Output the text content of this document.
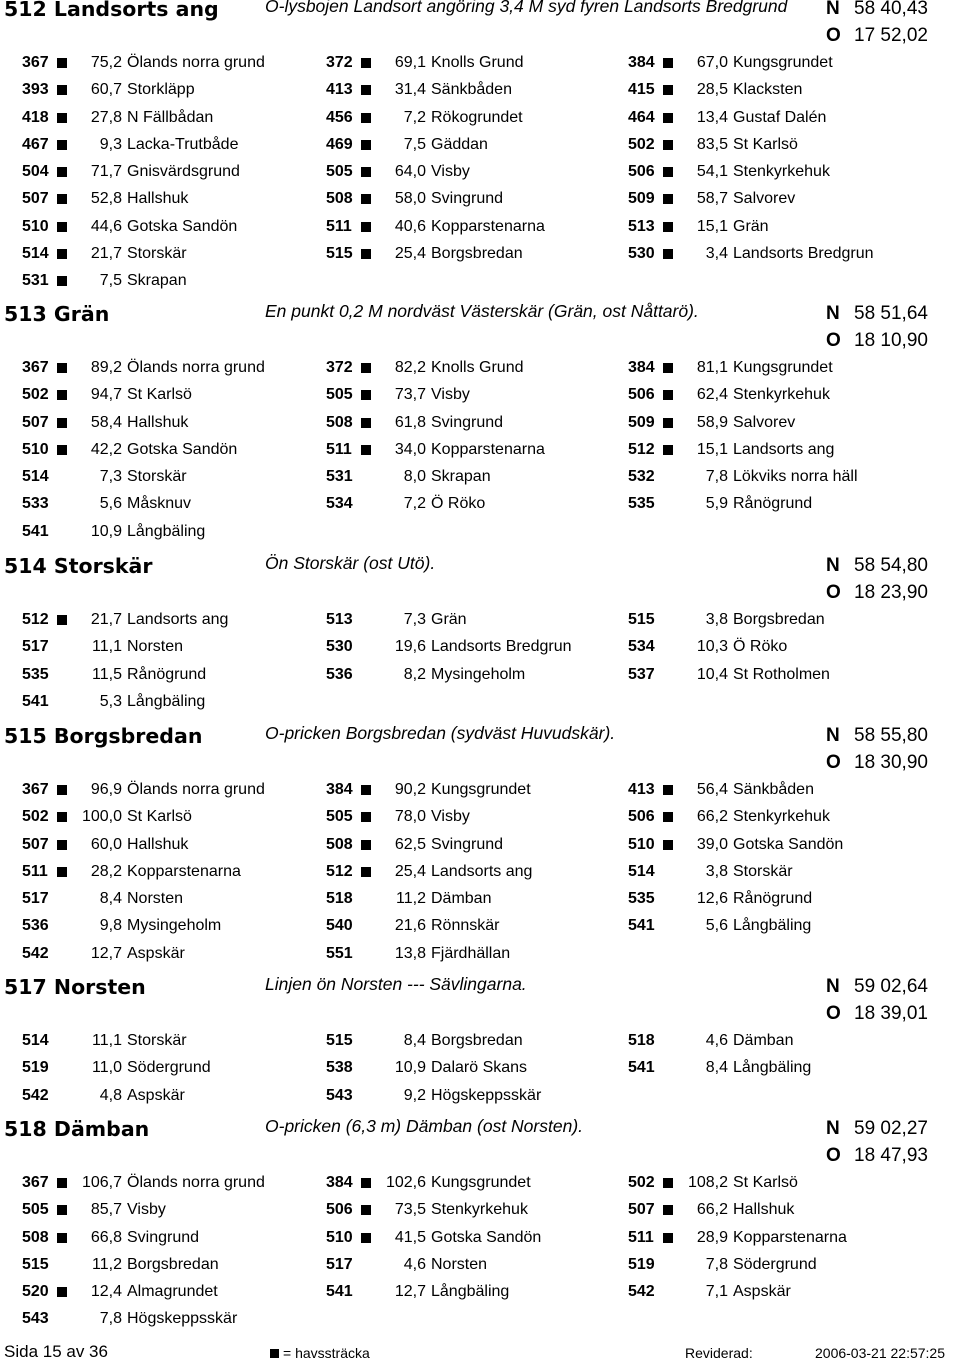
512 Landsorts ang	O-lysbojen Landsort angöring 3,4 M syd fyren Landsorts Bredgrund	N 58 40,43
O 17 52,02
367	75,2 Ölands norra grund	372	69,1 Knolls Grund	384	67,0 Kungsgrundet
393	60,7 Storkläpp	413	31,4 Sänkbåden	415	28,5 Klacksten
418	27,8 N Fällbådan	456	7,2 Rökogrundet	464	13,4 Gustaf Dalén
467	9,3 Lacka-Trutbåde	469	7,5 Gäddan	502	83,5 St Karlsö
504	71,7 Gnisvärdsgrund	505	64,0 Visby	506	54,1 Stenkyrkehuk
507	52,8 Hallshuk	508	58,0 Svingrund	509	58,7 Salvorev
510	44,6 Gotska Sandön	511	40,6 Kopparstenarna	513	15,1 Grän
514	21,7 Storskär	515	25,4 Borgsbredan	530	3,4 Landsorts Bredgrun
531	7,5 Skrapan
513 Grän	En punkt 0,2 M nordväst Västerskär (Grän, ost Nåttarö).	N 58 51,64
O 18 10,90
367	89,2 Ölands norra grund	372	82,2 Knolls Grund	384	81,1 Kungsgrundet
502	94,7 St Karlsö	505	73,7 Visby	506	62,4 Stenkyrkehuk
507	58,4 Hallshuk	508	61,8 Svingrund	509	58,9 Salvorev
510	42,2 Gotska Sandön	511	34,0 Kopparstenarna	512	15,1 Landsorts ang
514	7,3 Storskär	531	8,0 Skrapan	532	7,8 Lökviks norra häll
533	5,6 Måsknuv	534	7,2 Ö Röko	535	5,9 Rånögrund
541	10,9 Långbäling
514 Storskär	Ön Storskär (ost Utö).	N 58 54,80
O 18 23,90
512	21,7 Landsorts ang	513	7,3 Grän	515	3,8 Borgsbredan
517	11,1 Norsten	530	19,6 Landsorts Bredgrun	534	10,3 Ö Röko
535	11,5 Rånögrund	536	8,2 Mysingeholm	537	10,4 St Rotholmen
541	5,3 Långbäling
515 Borgsbredan	O-pricken Borgsbredan (sydväst Huvudskär).	N 58 55,80
O 18 30,90
367	96,9 Ölands norra grund	384	90,2 Kungsgrundet	413	56,4 Sänkbåden
502	100,0 St Karlsö	505	78,0 Visby	506	66,2 Stenkyrkehuk
507	60,0 Hallshuk	508	62,5 Svingrund	510	39,0 Gotska Sandön
511	28,2 Kopparstenarna	512	25,4 Landsorts ang	514	3,8 Storskär
517	8,4 Norsten	518	11,2 Dämban	535	12,6 Rånögrund
536	9,8 Mysingeholm	540	21,6 Rönnskär	541	5,6 Långbäling
542	12,7 Aspskär	551	13,8 Fjärdhällan
517 Norsten	Linjen ön Norsten --- Sävlingarna.	N 59 02,64
O 18 39,01
514	11,1 Storskär	515	8,4 Borgsbredan	518	4,6 Dämban
519	11,0 Södergrund	538	10,9 Dalarö Skans	541	8,4 Långbäling
542	4,8 Aspskär	543	9,2 Högskeppsskär
518 Dämban	O-pricken (6,3 m) Dämban (ost Norsten).	N 59 02,27
O 18 47,93
367	106,7 Ölands norra grund	384	102,6 Kungsgrundet	502	108,2 St Karlsö
505	85,7 Visby	506	73,5 Stenkyrkehuk	507	66,2 Hallshuk
508	66,8 Svingrund	510	41,5 Gotska Sandön	511	28,9 Kopparstenarna
515	11,2 Borgsbredan	517	4,6 Norsten	519	7,8 Södergrund
520	12,4 Almagrundet	541	12,7 Långbäling	542	7,1 Aspskär
543	7,8 Högskeppsskär
Sida 15 av 36	= havssträcka	Reviderad:	2006-03-21 22:57:25
